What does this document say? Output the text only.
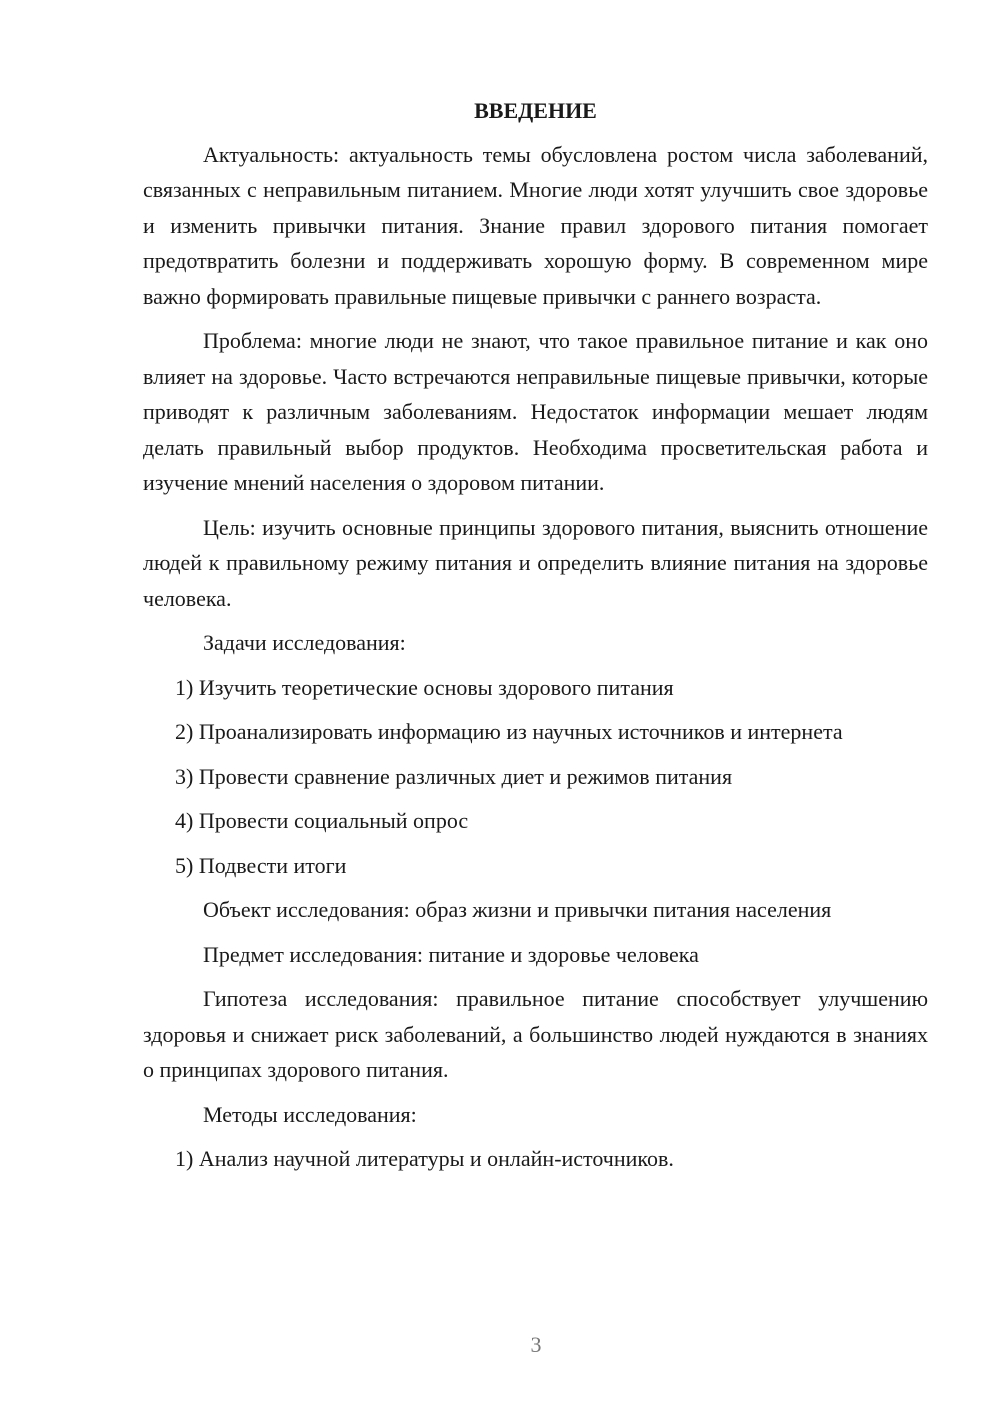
ВВЕДЕНИЕ

Актуальность: актуальность темы обусловлена ростом числа заболеваний, связанных с неправильным питанием. Многие люди хотят улучшить свое здоровье и изменить привычки питания. Знание правил здорового питания помогает предотвратить болезни и поддерживать хорошую форму. В современном мире важно формировать правильные пищевые привычки с раннего возраста.

Проблема: многие люди не знают, что такое правильное питание и как оно влияет на здоровье. Часто встречаются неправильные пищевые привычки, которые приводят к различным заболеваниям. Недостаток информации мешает людям делать правильный выбор продуктов. Необходима просветительская работа и изучение мнений населения о здоровом питании.

Цель: изучить основные принципы здорового питания, выяснить отношение людей к правильному режиму питания и определить влияние питания на здоровье человека.

Задачи исследования:

1) Изучить теоретические основы здорового питания

2) Проанализировать информацию из научных источников и интернета

3) Провести сравнение различных диет и режимов питания

4) Провести социальный опрос

5) Подвести итоги

Объект исследования: образ жизни и привычки питания населения

Предмет исследования: питание и здоровье человека

Гипотеза исследования: правильное питание способствует улучшению здоровья и снижает риск заболеваний, а большинство людей нуждаются в знаниях о принципах здорового питания.

Методы исследования:

1) Анализ научной литературы и онлайн-источников.

3
